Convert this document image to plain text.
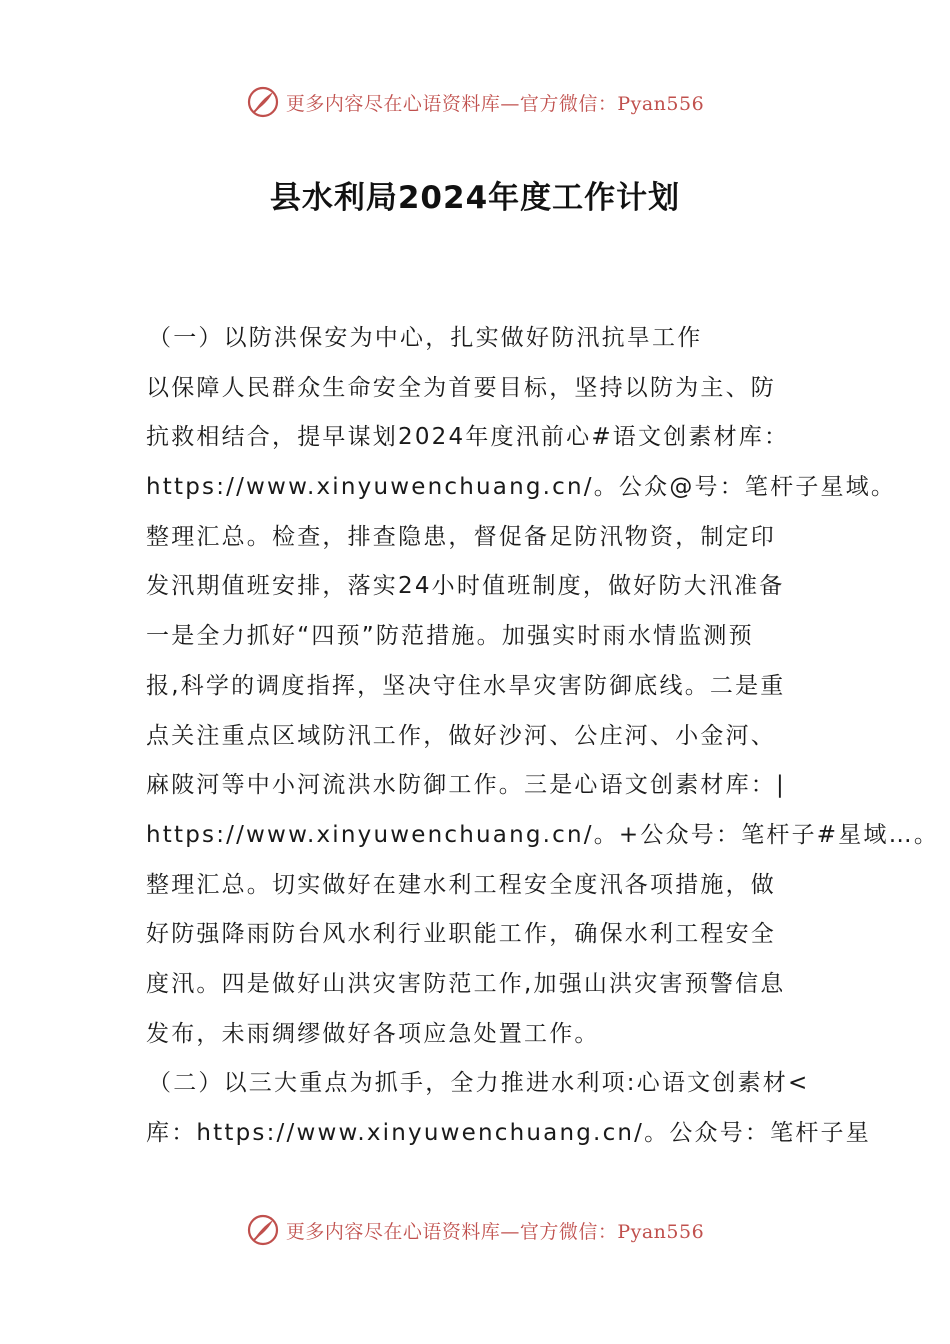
更多内容尽在心语资料库—官方微信：Pyan556
县水利局2024年度工作计划
（一）以防洪保安为中心，扎实做好防汛抗旱工作
以保障人民群众生命安全为首要目标，坚持以防为主、防
抗救相结合，提早谋划2024年度汛前心#语文创素材库：
https://www.xinyuwenchuang.cn/。公众@号：笔杆子星域。
整理汇总。检查，排查隐患，督促备足防汛物资，制定印
发汛期值班安排，落实24小时值班制度，做好防大汛准备
一是全力抓好“四预”防范措施。加强实时雨水情监测预
报,科学的调度指挥，坚决守住水旱灾害防御底线。二是重
点关注重点区域防汛工作，做好沙河、公庄河、小金河、
麻陂河等中小河流洪水防御工作。三是心语文创素材库：|
https://www.xinyuwenchuang.cn/。+公众号：笔杆子#星域…。
整理汇总。切实做好在建水利工程安全度汛各项措施，做
好防强降雨防台风水利行业职能工作，确保水利工程安全
度汛。四是做好山洪灾害防范工作,加强山洪灾害预警信息
发布，未雨绸缪做好各项应急处置工作。
（二）以三大重点为抓手，全力推进水利项:心语文创素材<
库：https://www.xinyuwenchuang.cn/。公众号：笔杆子星
更多内容尽在心语资料库—官方微信：Pyan556
